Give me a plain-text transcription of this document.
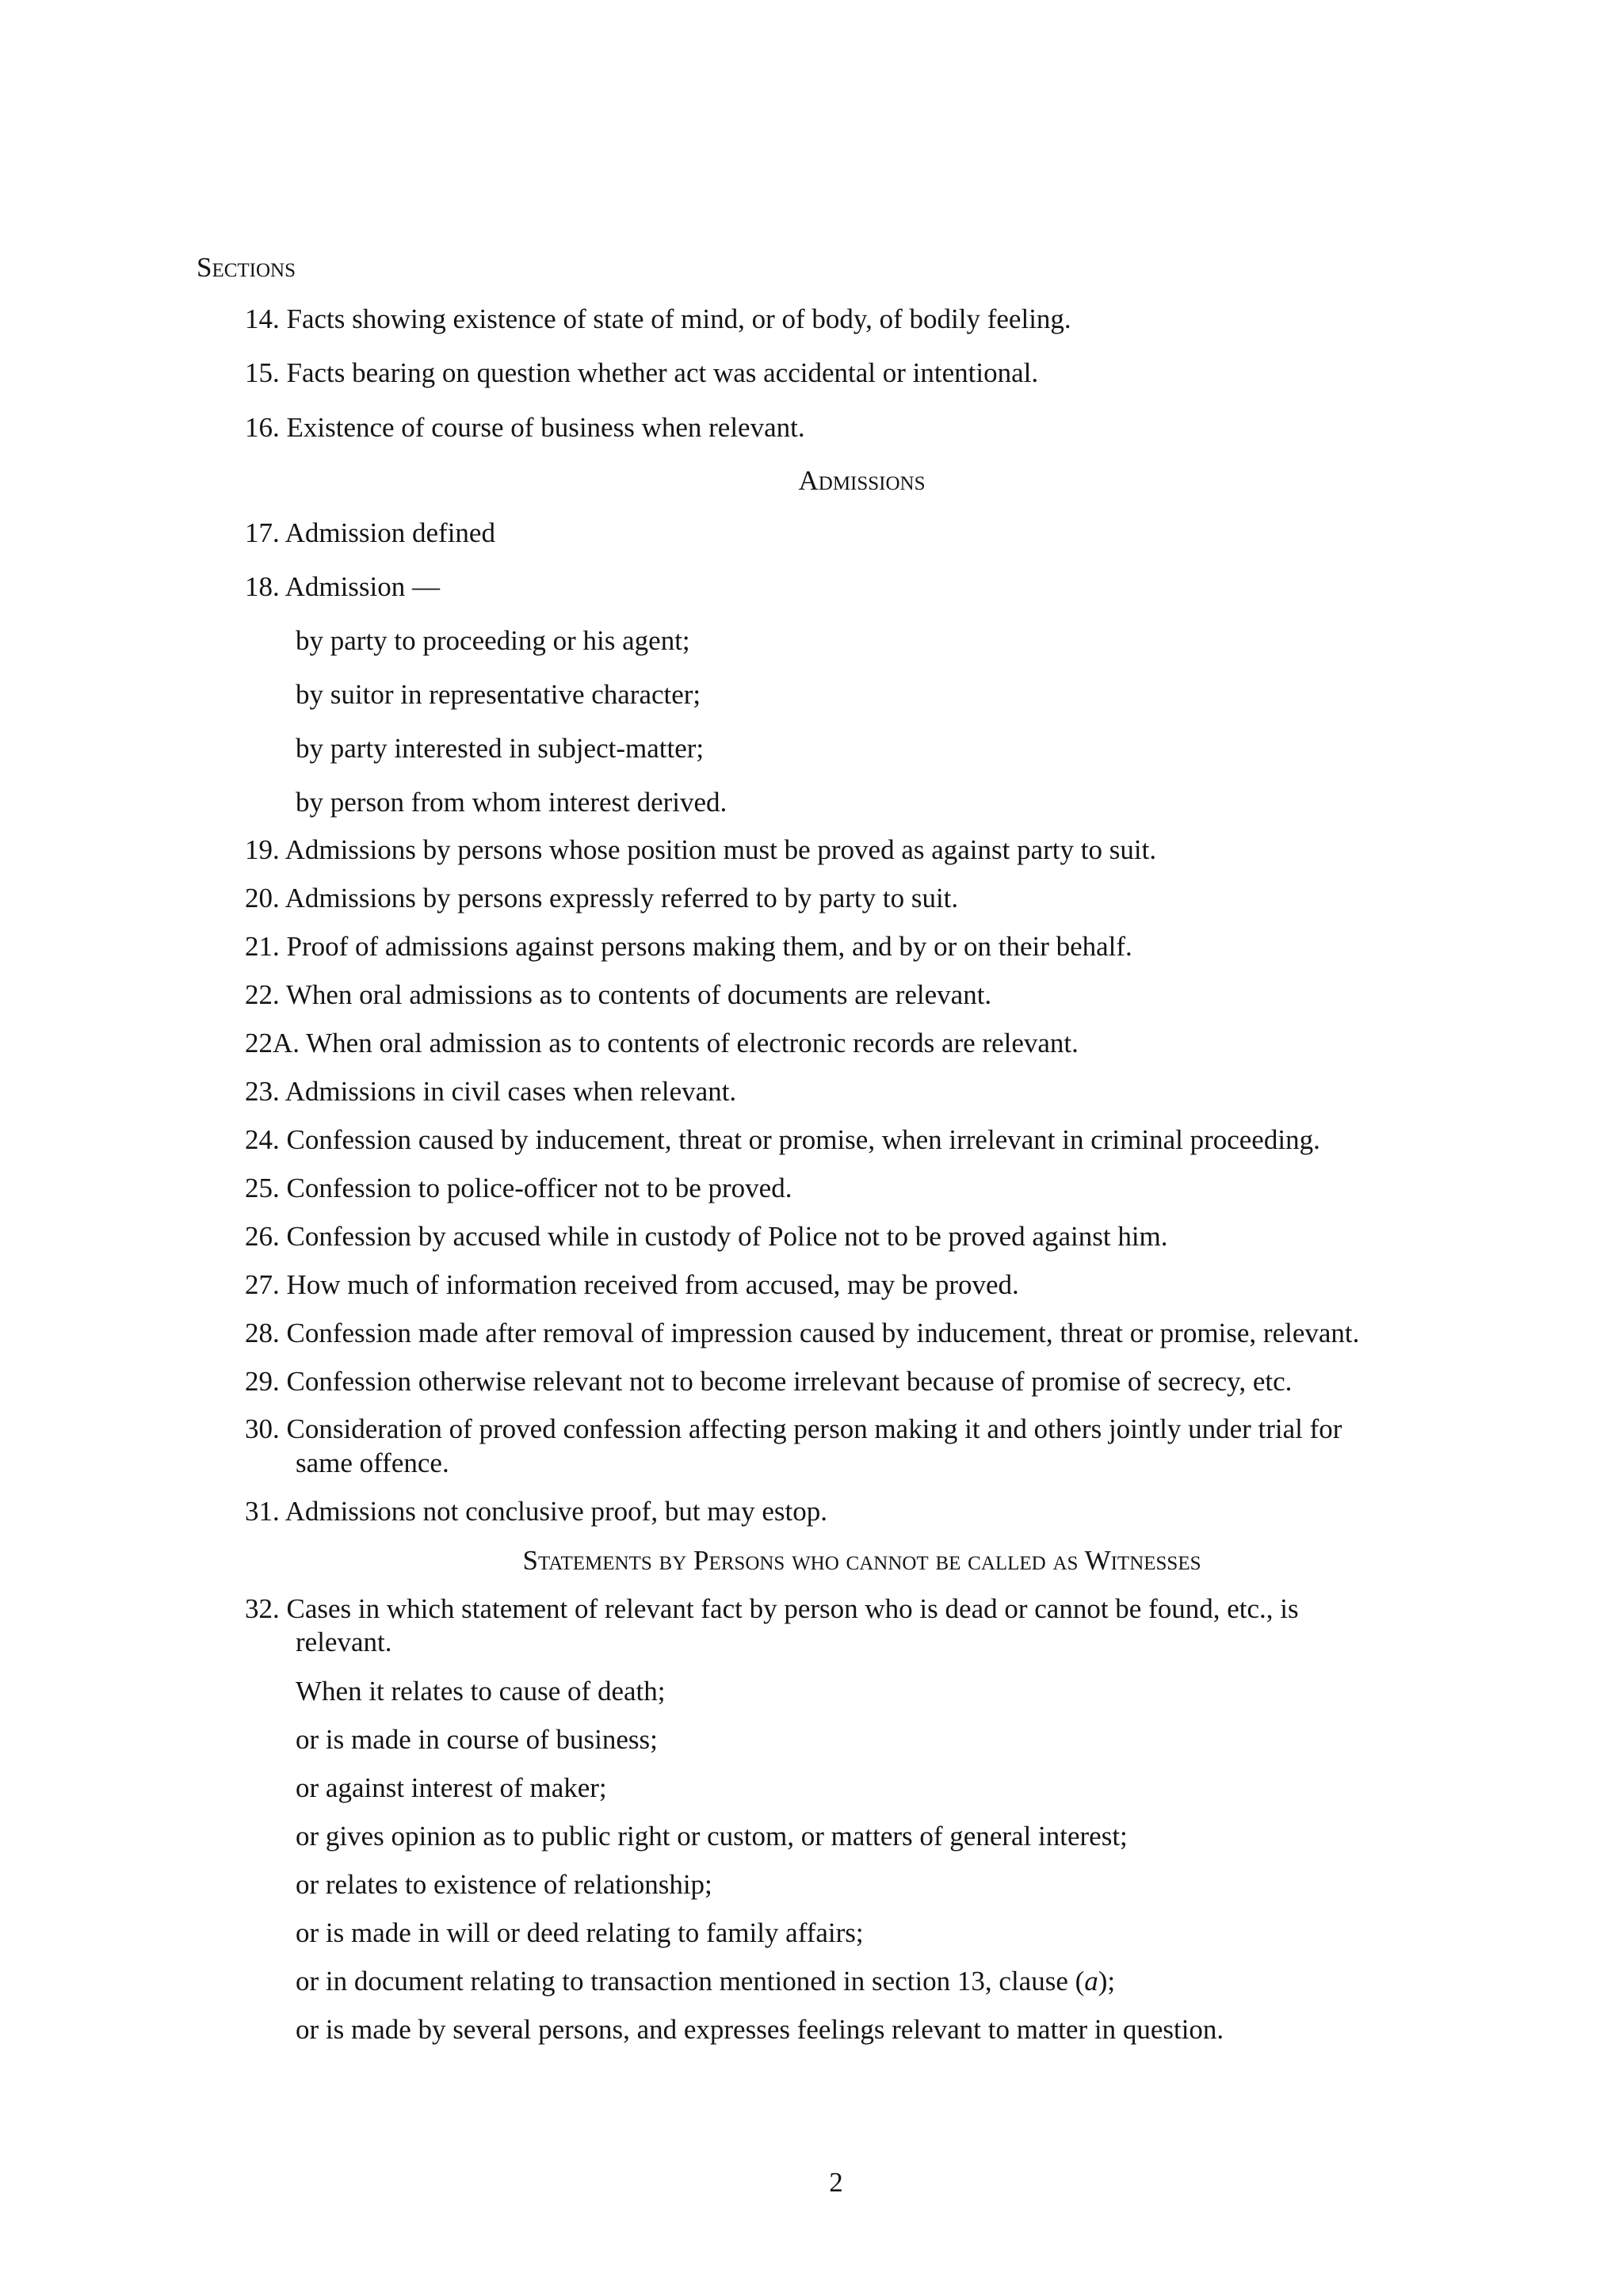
Sections
14. Facts showing existence of state of mind, or of body, of bodily feeling.
15. Facts bearing on question whether act was accidental or intentional.
16. Existence of course of business when relevant.
Admissions
17. Admission defined
18. Admission —
by party to proceeding or his agent;
by suitor in representative character;
by party interested in subject-matter;
by person from whom interest derived.
19. Admissions by persons whose position must be proved as against party to suit.
20. Admissions by persons expressly referred to by party to suit.
21. Proof of admissions against persons making them, and by or on their behalf.
22. When oral admissions as to contents of documents are relevant.
22A. When oral admission as to contents of electronic records are relevant.
23. Admissions in civil cases when relevant.
24. Confession caused by inducement, threat or promise, when irrelevant in criminal proceeding.
25. Confession to police-officer not to be proved.
26. Confession by accused while in custody of Police not to be proved against him.
27. How much of information received from accused, may be proved.
28. Confession made after removal of impression caused by inducement, threat or promise, relevant.
29. Confession otherwise relevant not to become irrelevant because of promise of secrecy, etc.
30. Consideration of proved confession affecting person making it and others jointly under trial for
same offence.
31. Admissions not conclusive proof, but may estop.
Statements by Persons who cannot be called as Witnesses
32. Cases in which statement of relevant fact by person who is dead or cannot be found, etc., is
relevant.
When it relates to cause of death;
or is made in course of business;
or against interest of maker;
or gives opinion as to public right or custom, or matters of general interest;
or relates to existence of relationship;
or is made in will or deed relating to family affairs;
or in document relating to transaction mentioned in section 13, clause (a);
or is made by several persons, and expresses feelings relevant to matter in question.
2
